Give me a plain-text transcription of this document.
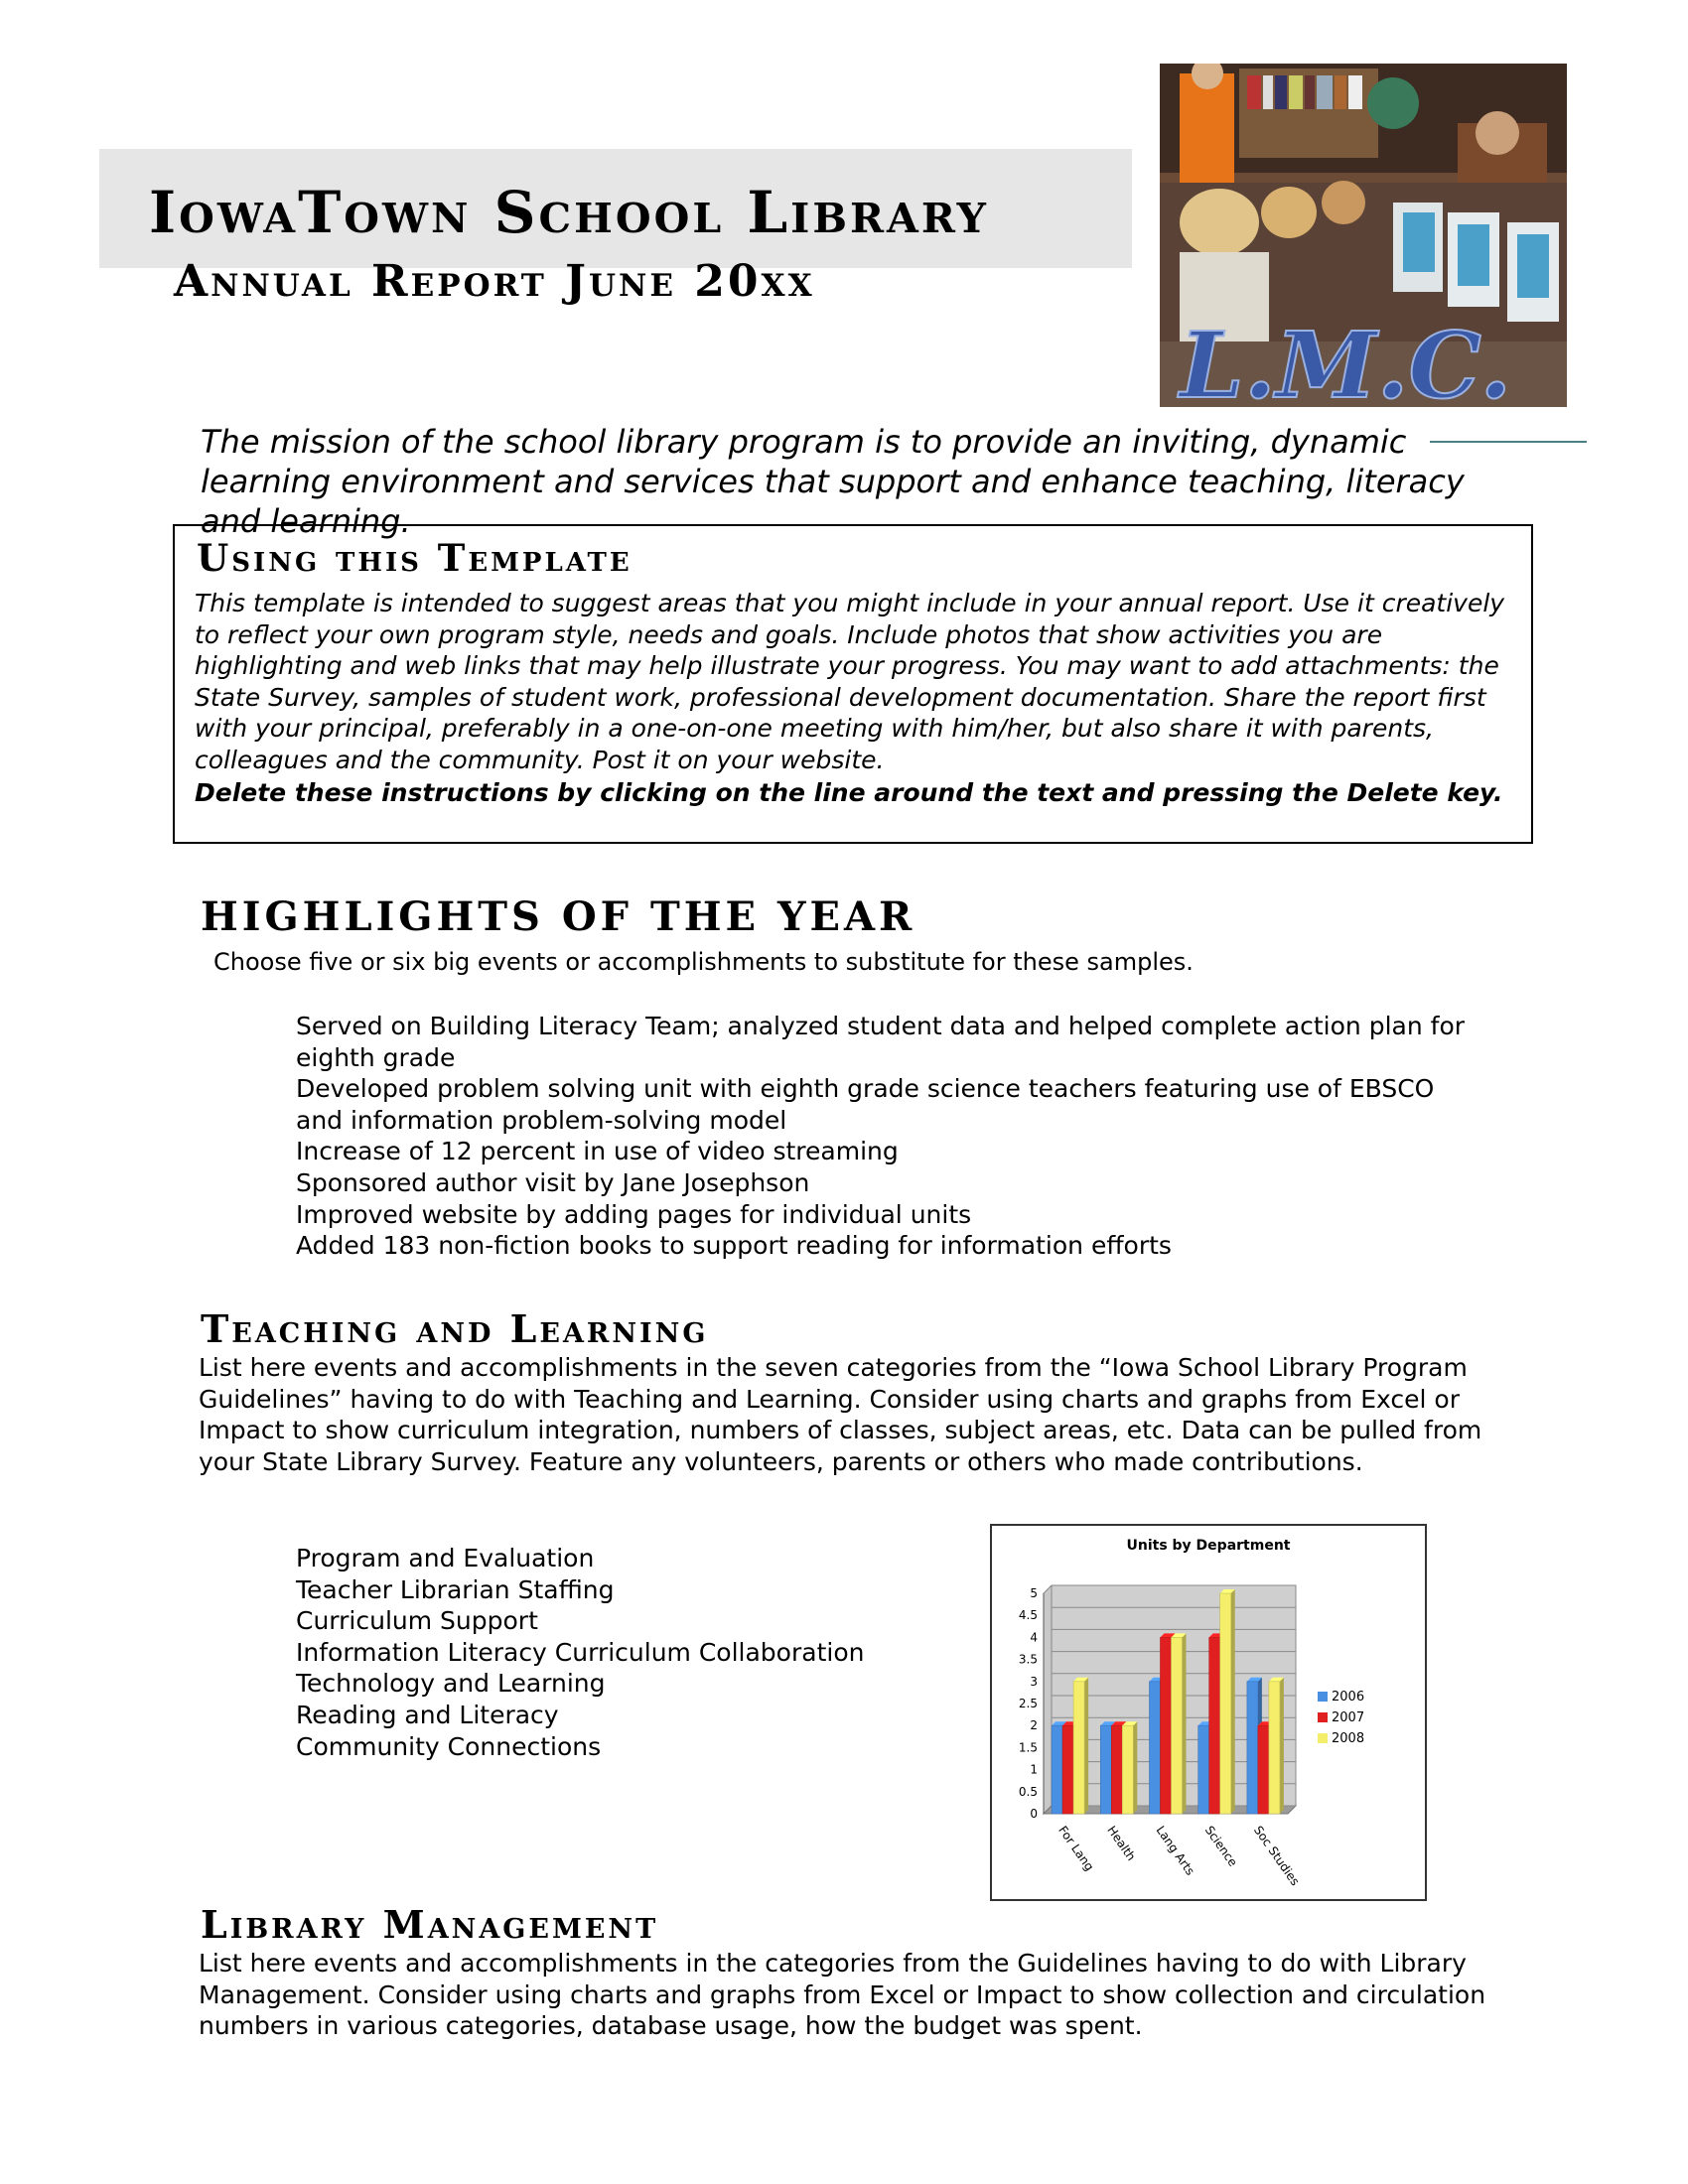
IowaTown School Library
Annual Report June 20xx
L.M.C.
The mission of the school library program is to provide an inviting, dynamic learning environment and services that support and enhance teaching, literacy and learning.
Using this Template
This template is intended to suggest areas that you might include in your annual report. Use it creatively to reflect your own program style, needs and goals. Include photos that show activities you are highlighting and web links that may help illustrate your progress. You may want to add attachments: the State Survey, samples of student work, professional development documentation. Share the report first with your principal, preferably in a one-on-one meeting with him/her, but also share it with parents, colleagues and the community. Post it on your website.
Delete these instructions by clicking on the line around the text and pressing the Delete key.
HIGHLIGHTS OF THE YEAR
Choose five or six big events or accomplishments to substitute for these samples.
Served on Building Literacy Team; analyzed student data and helped complete action plan for eighth grade
Developed problem solving unit with eighth grade science teachers featuring use of EBSCO and information problem-solving model
Increase of 12 percent in use of video streaming
Sponsored author visit by Jane Josephson
Improved website by adding pages for individual units
Added 183 non-fiction books to support reading for information efforts
Teaching and Learning
List here events and accomplishments in the seven categories from the “Iowa School Library Program Guidelines” having to do with Teaching and Learning. Consider using charts and graphs from Excel or Impact to show curriculum integration, numbers of classes, subject areas, etc. Data can be pulled from your State Library Survey. Feature any volunteers, parents or others who made contributions.
Program and Evaluation
Teacher Librarian Staffing
Curriculum Support
Information Literacy Curriculum Collaboration
Technology and Learning
Reading and Literacy
Community Connections
Units by Department
0
0.5
1
1.5
2
2.5
3
3.5
4
4.5
5
For Lang Health Lang Arts Science Soc Studies
2006
2007
2008
Library Management
List here events and accomplishments in the categories from the Guidelines having to do with Library Management. Consider using charts and graphs from Excel or Impact to show collection and circulation numbers in various categories, database usage, how the budget was spent.
